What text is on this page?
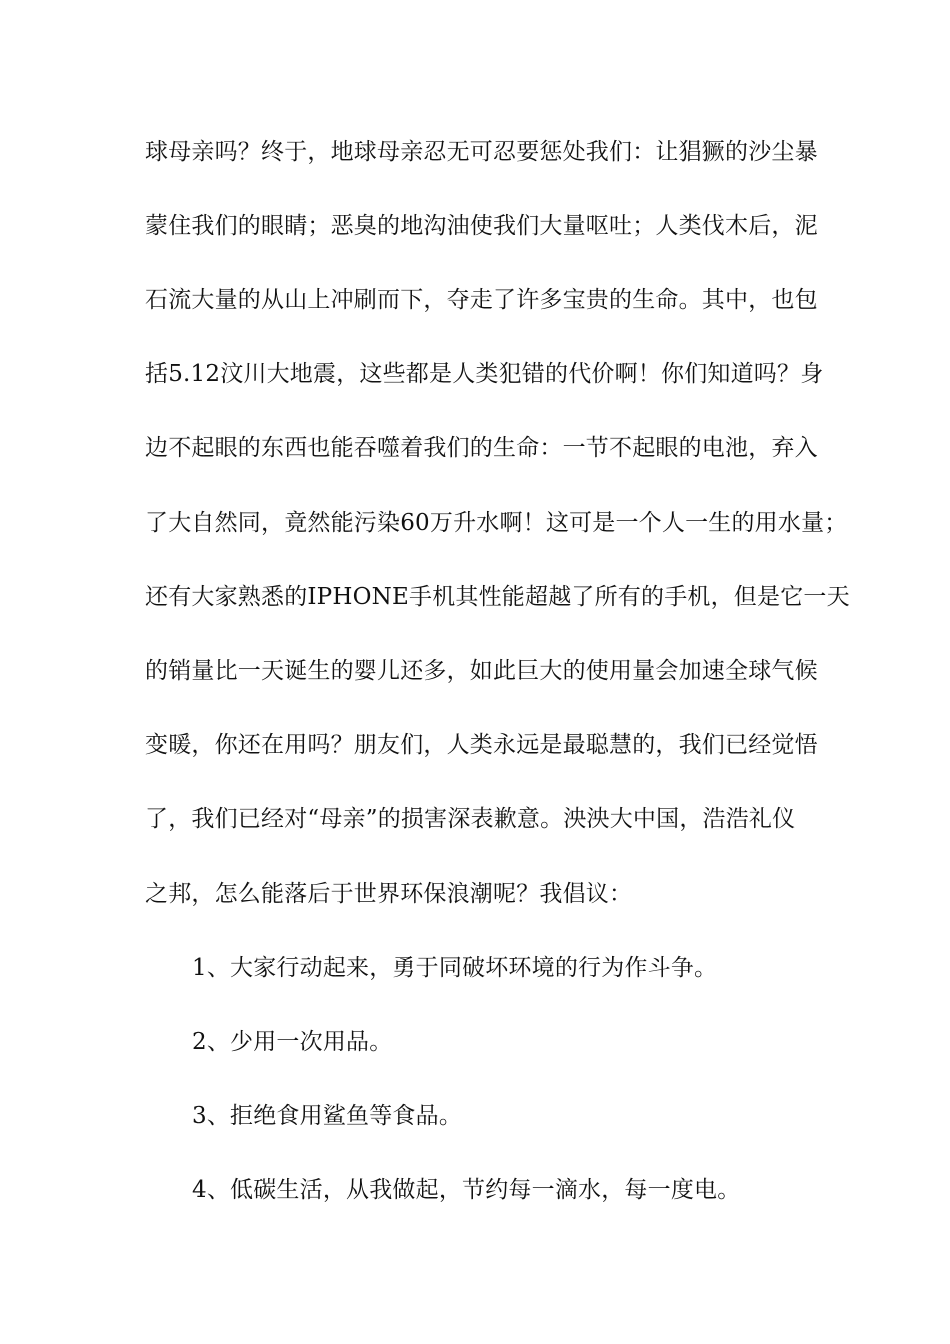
球母亲吗？终于，地球母亲忍无可忍要惩处我们：让猖獗的沙尘暴
蒙住我们的眼睛；恶臭的地沟油使我们大量呕吐；人类伐木后，泥
石流大量的从山上冲刷而下，夺走了许多宝贵的生命。其中，也包
括5.12汶川大地震，这些都是人类犯错的代价啊！你们知道吗？身
边不起眼的东西也能吞噬着我们的生命：一节不起眼的电池，弃入
了大自然同，竟然能污染60万升水啊！这可是一个人一生的用水量；
还有大家熟悉的IPHONE手机其性能超越了所有的手机，但是它一天
的销量比一天诞生的婴儿还多，如此巨大的使用量会加速全球气候
变暖，你还在用吗？朋友们，人类永远是最聪慧的，我们已经觉悟
了，我们已经对“母亲”的损害深表歉意。泱泱大中国，浩浩礼仪
之邦，怎么能落后于世界环保浪潮呢？我倡议：
1、大家行动起来，勇于同破坏环境的行为作斗争。
2、少用一次用品。
3、拒绝食用鲨鱼等食品。
4、低碳生活，从我做起，节约每一滴水，每一度电。
